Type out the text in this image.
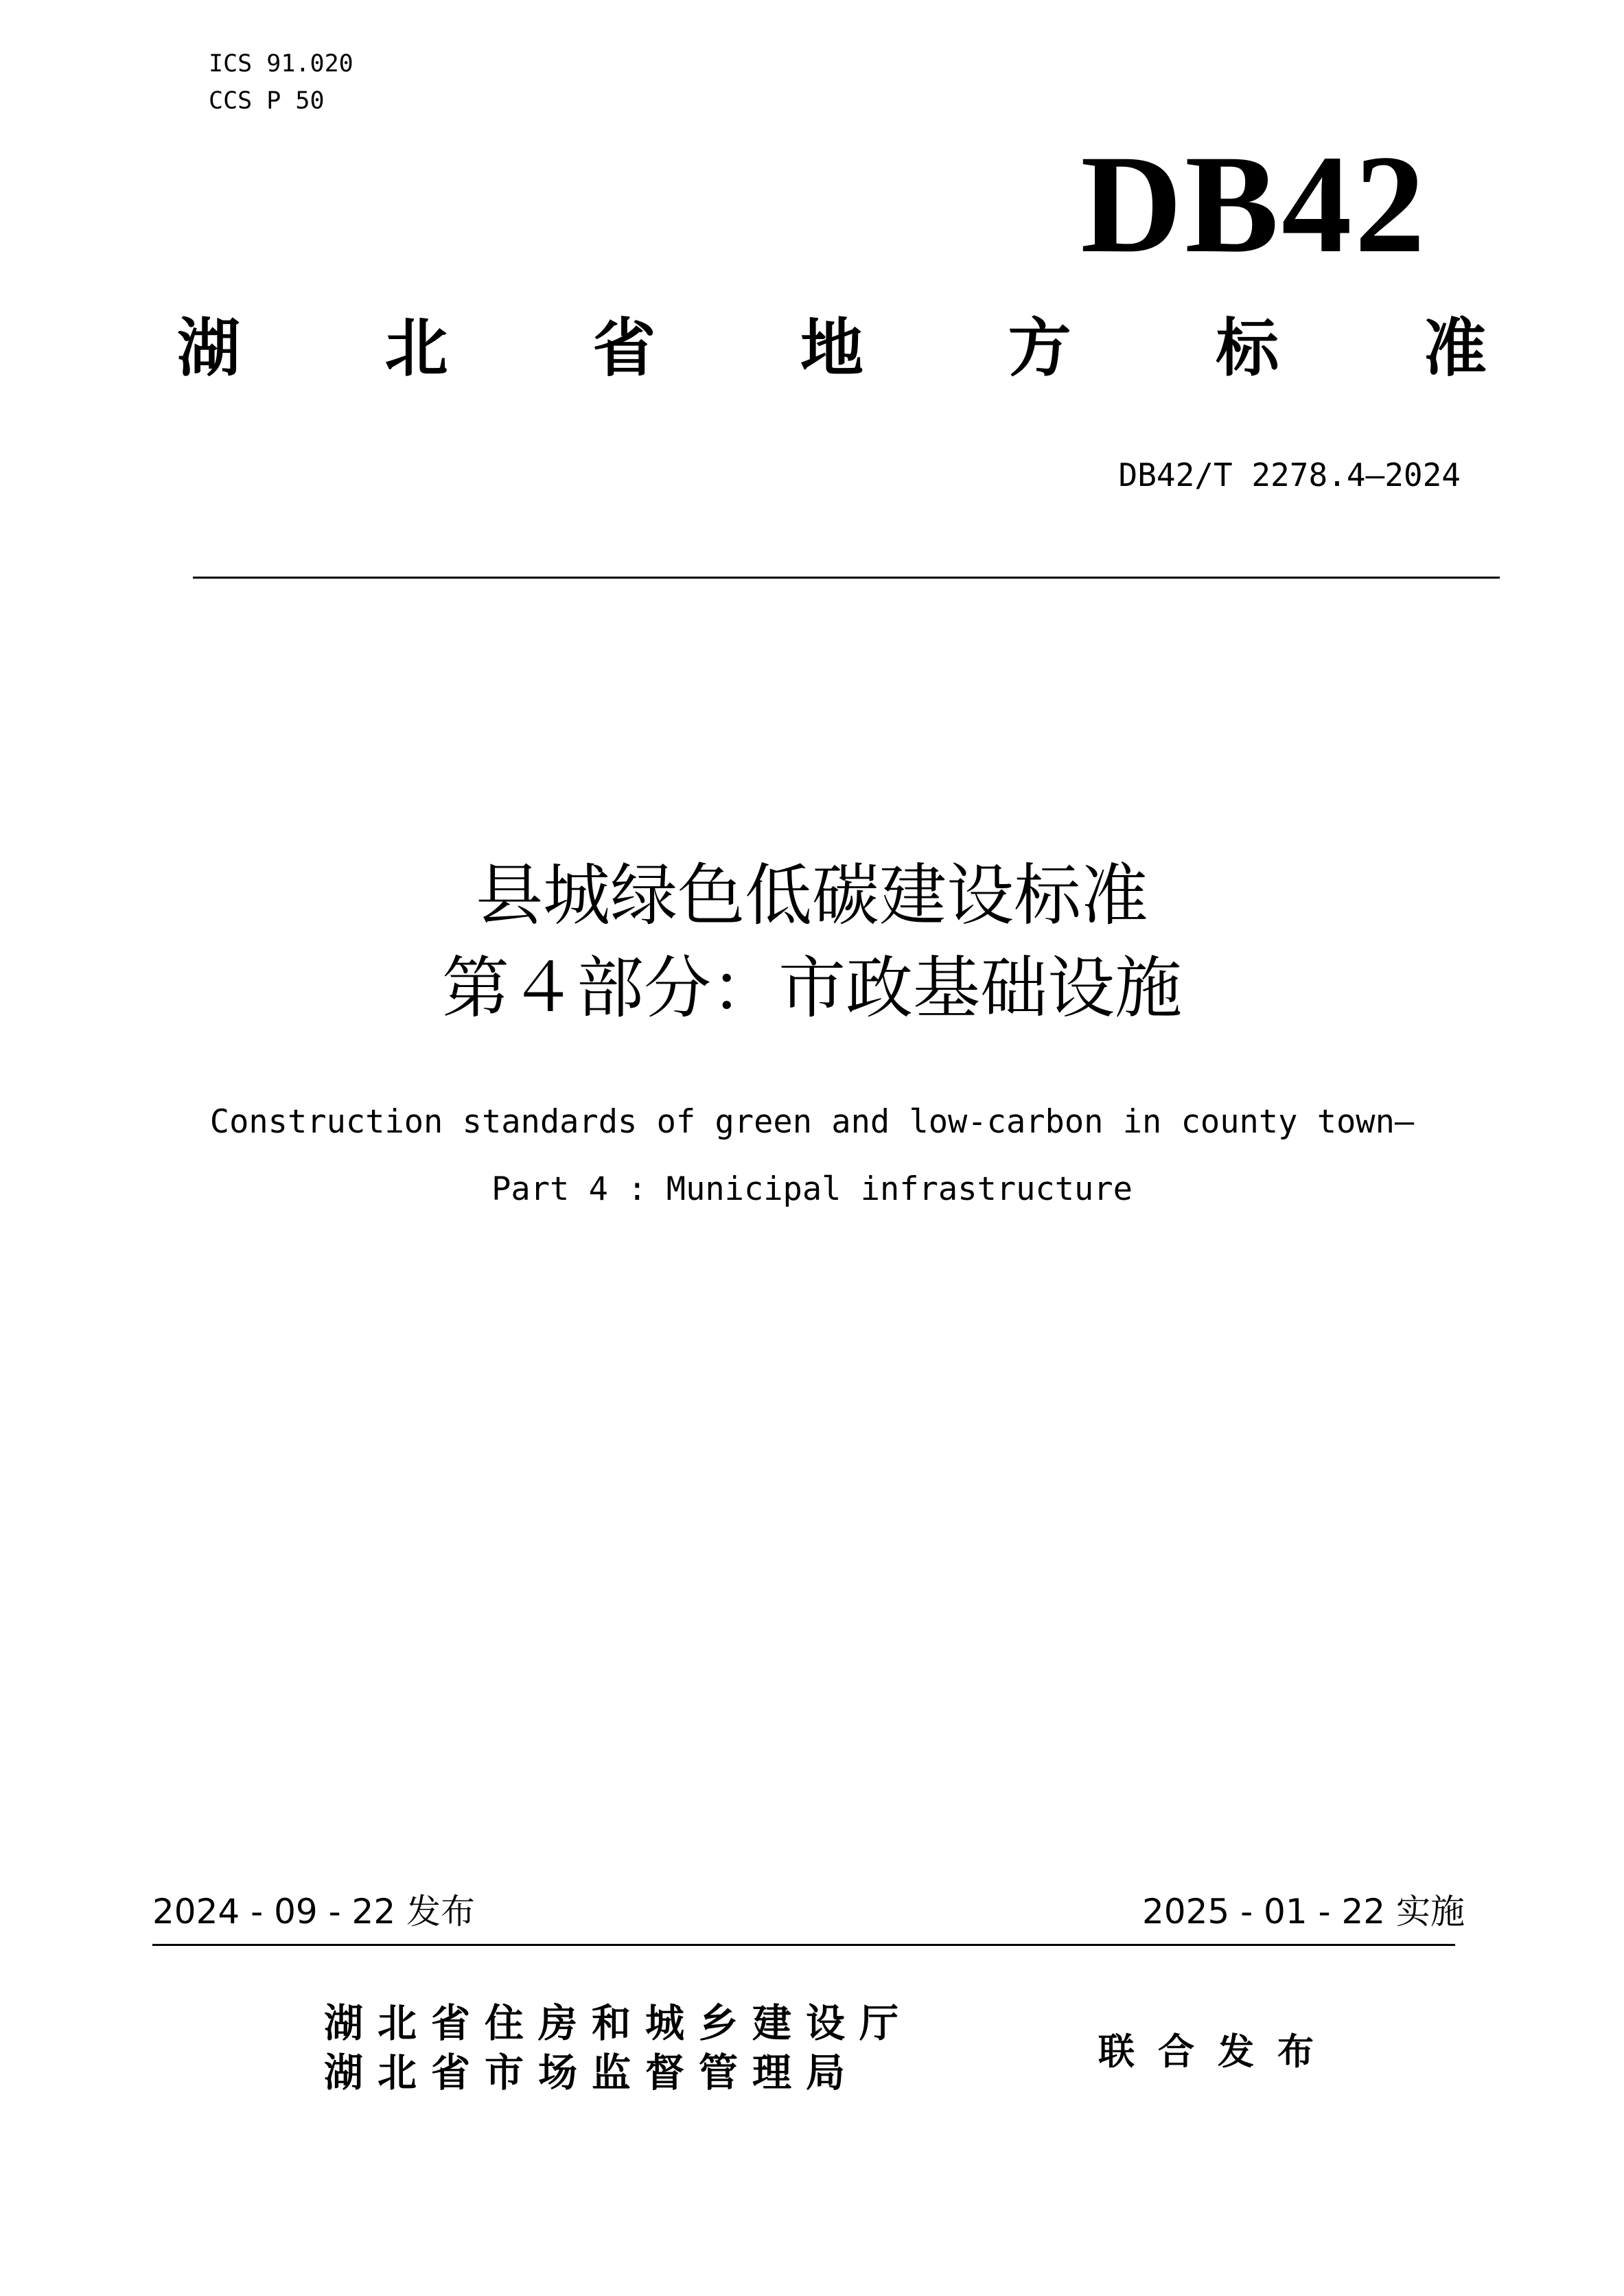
ICS 91.020
CCS P 50
DB42
湖 北 省 地 方 标 准
DB42/T 2278.4—2024
县城绿色低碳建设标准
第４部分：市政基础设施
Construction standards of green and low-carbon in county town—
Part 4 : Municipal infrastructure
2024 - 09 - 22 发布	2025 - 01 - 22 实施
湖北省住房和城乡建设厅
湖北省市场监督管理局	联合发布
